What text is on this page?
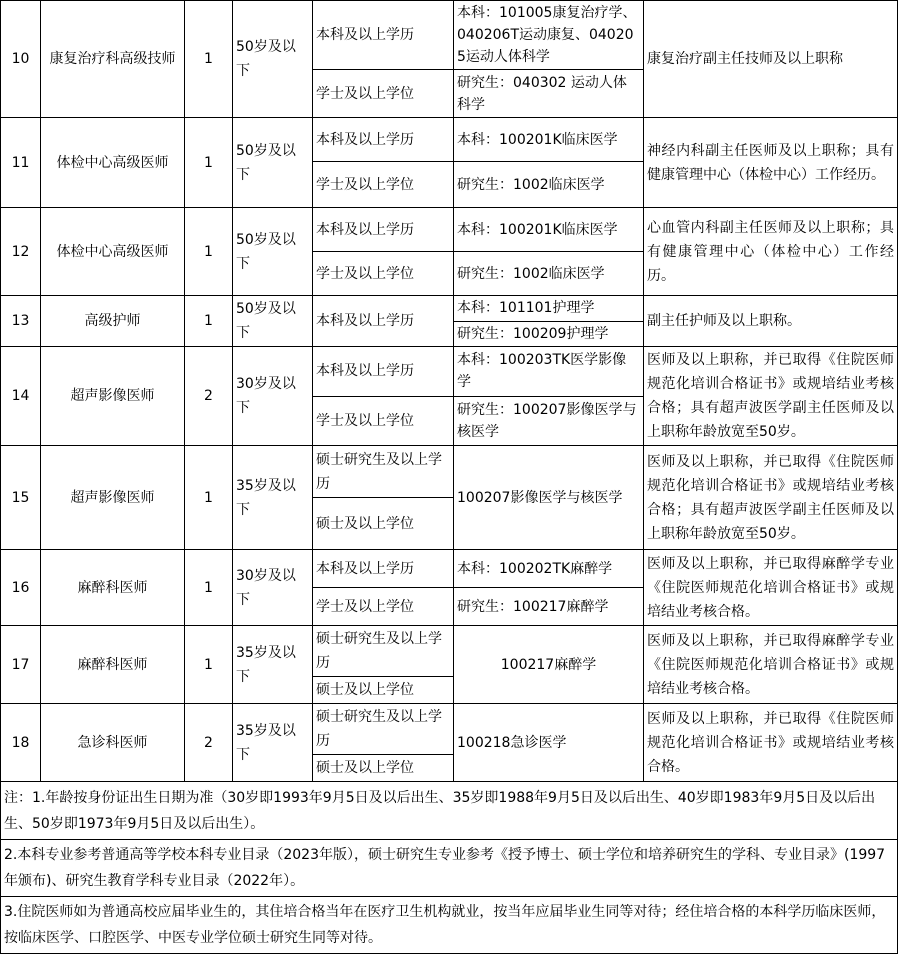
10	康复治疗科高级技师	1	50岁及以下	本科及以上学历	本科：101005康复治疗学、040206T运动康复、040205运动人体科学	康复治疗副主任技师及以上职称
				学士及以上学位	研究生：040302 运动人体科学	
11	体检中心高级医师	1	50岁及以下	本科及以上学历	本科：100201K临床医学	神经内科副主任医师及以上职称；具有健康管理中心（体检中心）工作经历。
				学士及以上学位	研究生：1002临床医学	
12	体检中心高级医师	1	50岁及以下	本科及以上学历	本科：100201K临床医学	心血管内科副主任医师及以上职称；具有健康管理中心（体检中心）工作经历。
				学士及以上学位	研究生：1002临床医学	
13	高级护师	1	50岁及以下	本科及以上学历	本科：101101护理学	副主任护师及以上职称。
					研究生：100209护理学	
14	超声影像医师	2	30岁及以下	本科及以上学历	本科：100203TK医学影像学	医师及以上职称，并已取得《住院医师规范化培训合格证书》或规培结业考核合格；具有超声波医学副主任医师及以上职称年龄放宽至50岁。
				学士及以上学位	研究生：100207影像医学与核医学	
15	超声影像医师	1	35岁及以下	硕士研究生及以上学历	100207影像医学与核医学	医师及以上职称，并已取得《住院医师规范化培训合格证书》或规培结业考核合格；具有超声波医学副主任医师及以上职称年龄放宽至50岁。
				硕士及以上学位		
16	麻醉科医师	1	30岁及以下	本科及以上学历	本科：100202TK麻醉学	医师及以上职称，并已取得麻醉学专业《住院医师规范化培训合格证书》或规培结业考核合格。
				学士及以上学位	研究生：100217麻醉学	
17	麻醉科医师	1	35岁及以下	硕士研究生及以上学历	100217麻醉学	医师及以上职称，并已取得麻醉学专业《住院医师规范化培训合格证书》或规培结业考核合格。
				硕士及以上学位		
18	急诊科医师	2	35岁及以下	硕士研究生及以上学历	100218急诊医学	医师及以上职称，并已取得《住院医师规范化培训合格证书》或规培结业考核合格。
				硕士及以上学位		
注：1.年龄按身份证出生日期为准（30岁即1993年9月5日及以后出生、35岁即1988年9月5日及以后出生、40岁即1983年9月5日及以后出生、50岁即1973年9月5日及以后出生）。						
2.本科专业参考普通高等学校本科专业目录（2023年版），硕士研究生专业参考《授予博士、硕士学位和培养研究生的学科、专业目录》(1997年颁布)、研究生教育学科专业目录（2022年）。						
3.住院医师如为普通高校应届毕业生的，其住培合格当年在医疗卫生机构就业，按当年应届毕业生同等对待；经住培合格的本科学历临床医师，按临床医学、口腔医学、中医专业学位硕士研究生同等对待。						
